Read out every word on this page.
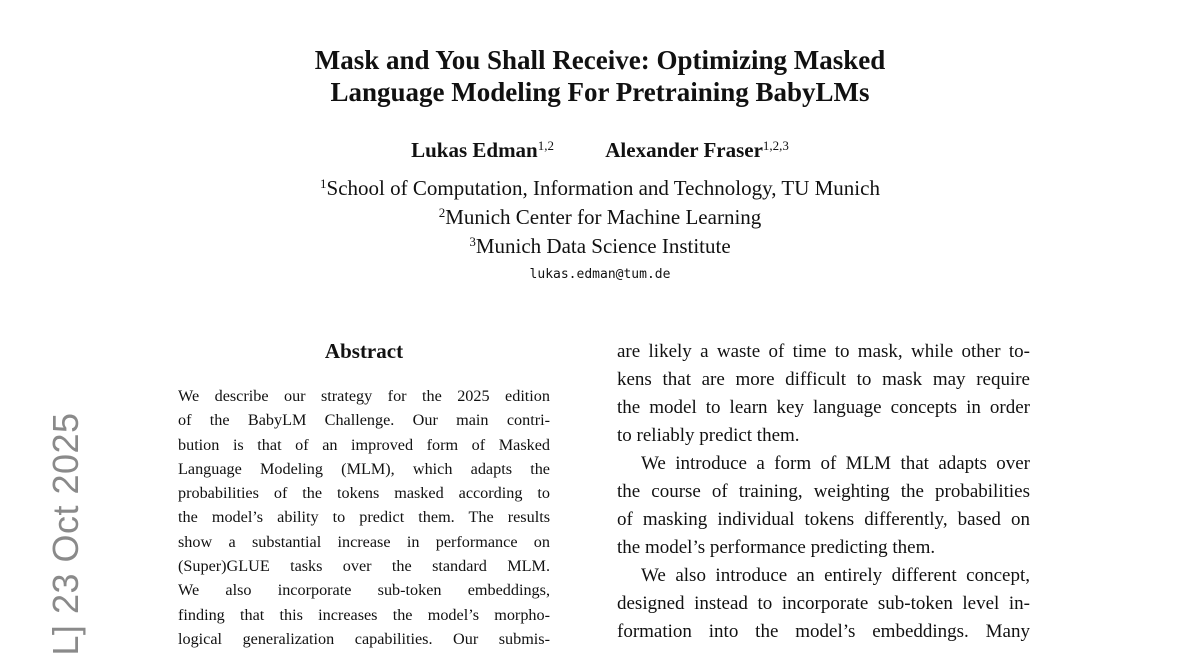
Mask and You Shall Receive: Optimizing Masked
Language Modeling For Pretraining BabyLMs
Lukas Edman$^{1,2}$ Alexander Fraser$^{1,2,3}$
$^1$School of Computation, Information and Technology, TU Munich
$^2$Munich Center for Machine Learning
$^3$Munich Data Science Institute
lukas.edman@tum.de
Abstract
We describe our strategy for the 2025 edition
of the BabyLM Challenge. Our main contri-
bution is that of an improved form of Masked
Language Modeling (MLM), which adapts the
probabilities of the tokens masked according to
the model’s ability to predict them. The results
show a substantial increase in performance on
(Super)GLUE tasks over the standard MLM.
We also incorporate sub-token embeddings,
finding that this increases the model’s morpho-
logical generalization capabilities. Our submis-
are likely a waste of time to mask, while other to-
kens that are more difficult to mask may require
the model to learn key language concepts in order
to reliably predict them.
We introduce a form of MLM that adapts over
the course of training, weighting the probabilities
of masking individual tokens differently, based on
the model’s performance predicting them.
We also introduce an entirely different concept,
designed instead to incorporate sub-token level in-
formation into the model’s embeddings. Many
L] 23 Oct 2025
